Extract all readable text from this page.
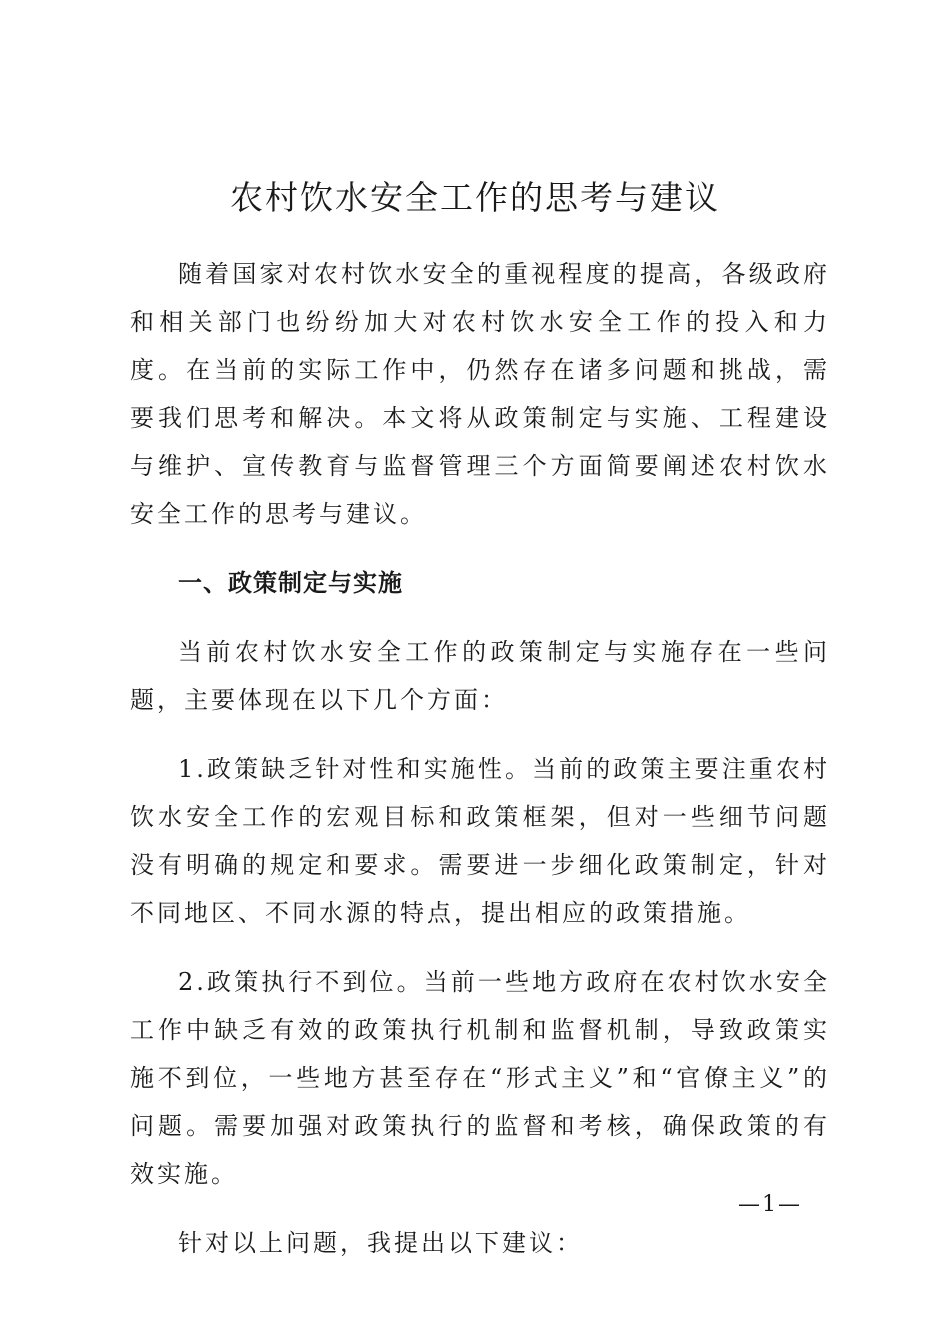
农村饮水安全工作的思考与建议

随着国家对农村饮水安全的重视程度的提高，各级政府和相关部门也纷纷加大对农村饮水安全工作的投入和力度。在当前的实际工作中，仍然存在诸多问题和挑战，需要我们思考和解决。本文将从政策制定与实施、工程建设与维护、宣传教育与监督管理三个方面简要阐述农村饮水安全工作的思考与建议。

一、政策制定与实施

当前农村饮水安全工作的政策制定与实施存在一些问题，主要体现在以下几个方面：

1.政策缺乏针对性和实施性。当前的政策主要注重农村饮水安全工作的宏观目标和政策框架，但对一些细节问题没有明确的规定和要求。需要进一步细化政策制定，针对不同地区、不同水源的特点，提出相应的政策措施。

2.政策执行不到位。当前一些地方政府在农村饮水安全工作中缺乏有效的政策执行机制和监督机制，导致政策实施不到位，一些地方甚至存在“形式主义”和“官僚主义”的问题。需要加强对政策执行的监督和考核，确保政策的有效实施。

针对以上问题，我提出以下建议：

—1—
